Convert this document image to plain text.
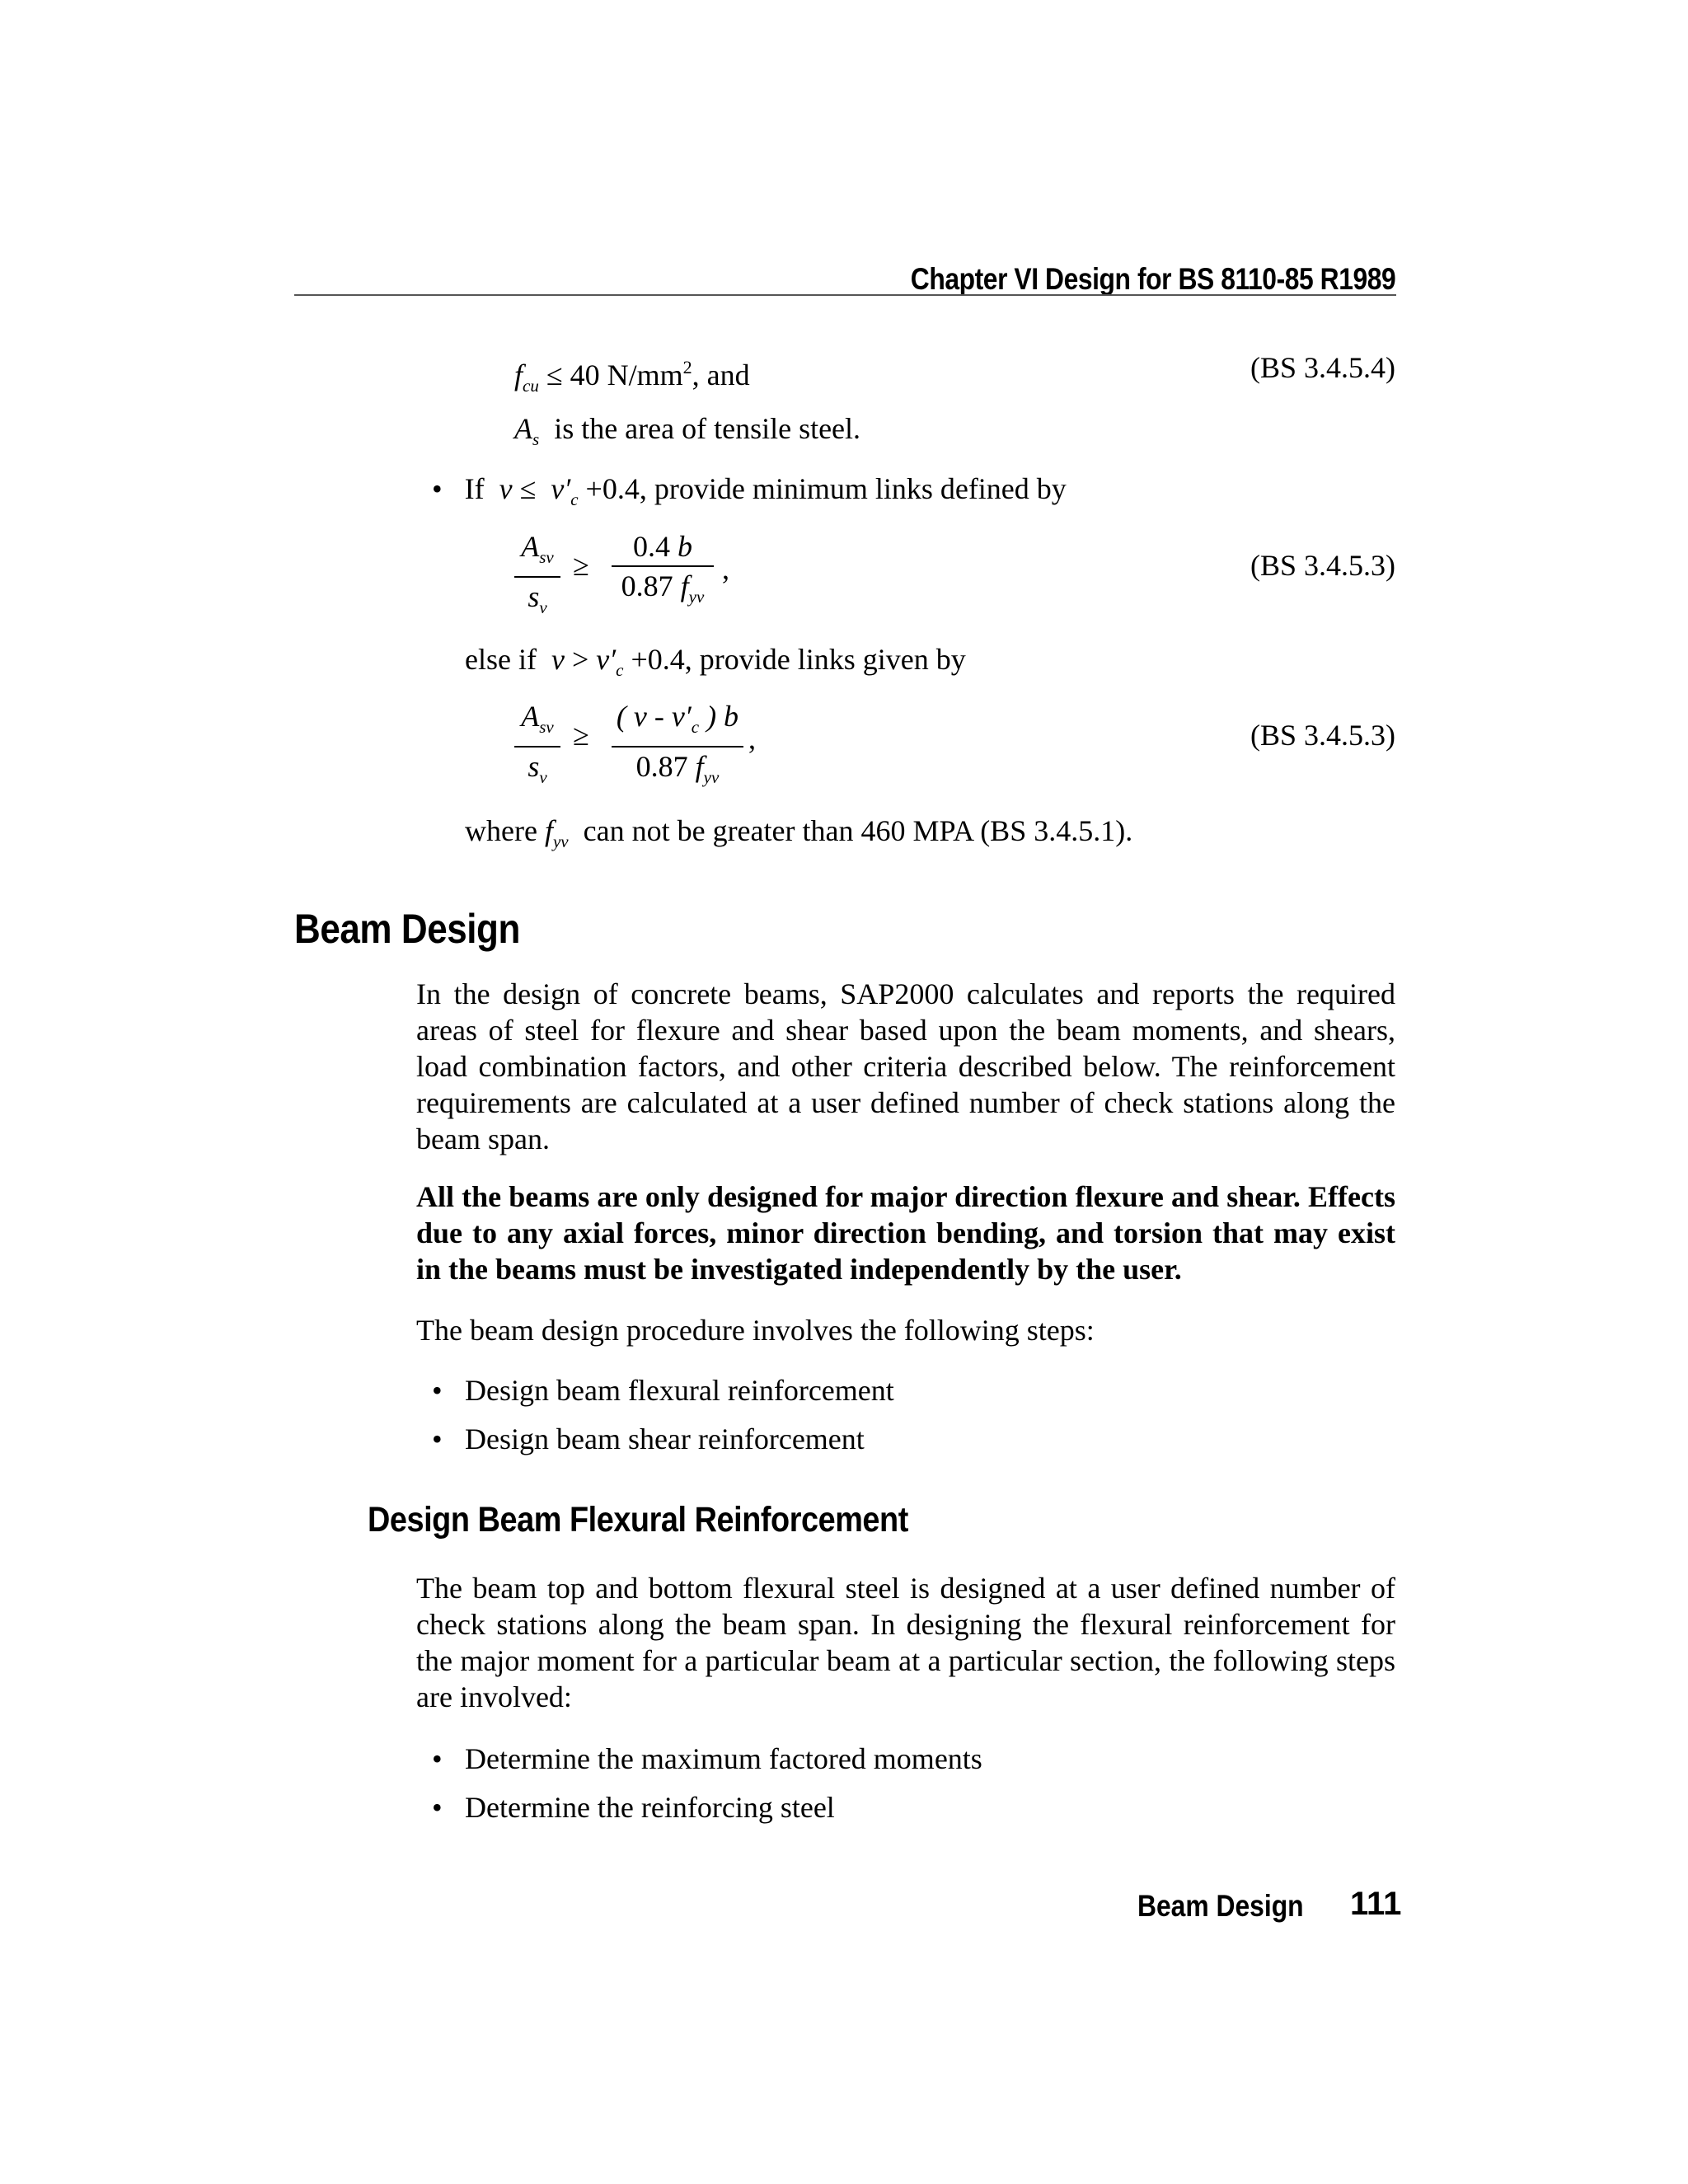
Chapter VI Design for BS 8110-85 R1989
$f_{cu} \le 40$ $N/mm^2$, and	(BS 3.4.5.4)
$A_s$ is the area of tensile steel.
• If $v \le v'_c +0.4$, provide minimum links defined by
$A_{sv}$
$s_v$
≥
0.4 b
0.87 $f_{yv}$
,	(BS 3.4.5.3)
else if $v > v'_c +0.4$, provide links given by
$A_{sv}$
$s_v$
≥
( v - $v'_c$ ) b
0.87 $f_{yv}$
,	(BS 3.4.5.3)
where $f_{yv}$ can not be greater than 460 MPA (BS 3.4.5.1).
Beam Design
In the design of concrete beams, SAP2000 calculates and reports the required areas of steel for flexure and shear based upon the beam moments, and shears, load combination factors, and other criteria described below. The reinforcement requirements are calculated at a user defined number of check stations along the beam span.
All the beams are only designed for major direction flexure and shear. Effects due to any axial forces, minor direction bending, and torsion that may exist in the beams must be investigated independently by the user.
The beam design procedure involves the following steps:
• Design beam flexural reinforcement
• Design beam shear reinforcement
Design Beam Flexural Reinforcement
The beam top and bottom flexural steel is designed at a user defined number of check stations along the beam span. In designing the flexural reinforcement for the major moment for a particular beam at a particular section, the following steps are involved:
• Determine the maximum factored moments
• Determine the reinforcing steel
Beam Design 111
